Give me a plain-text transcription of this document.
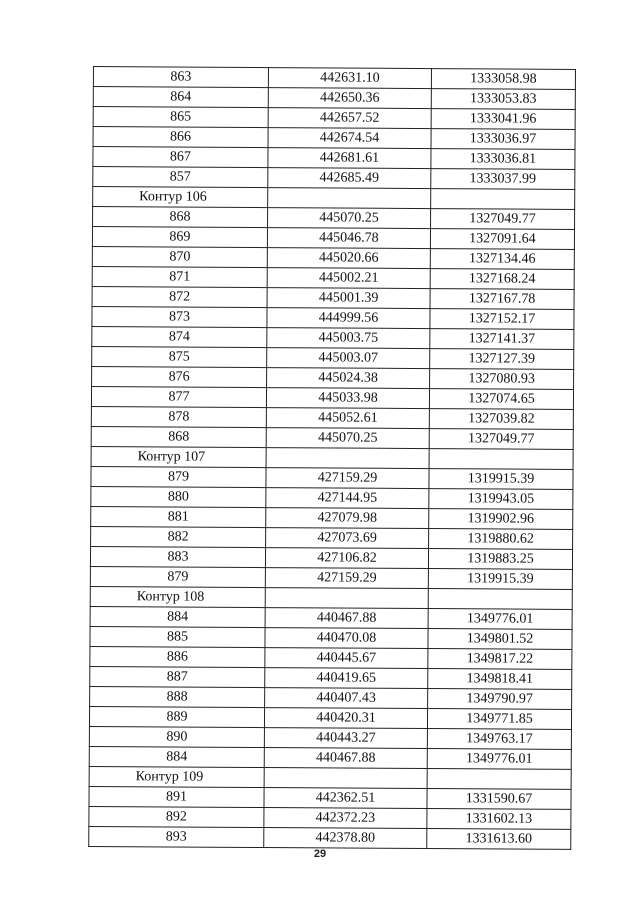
863	442631.10	1333058.98
864	442650.36	1333053.83
865	442657.52	1333041.96
866	442674.54	1333036.97
867	442681.61	1333036.81
857	442685.49	1333037.99
Контур 106		
868	445070.25	1327049.77
869	445046.78	1327091.64
870	445020.66	1327134.46
871	445002.21	1327168.24
872	445001.39	1327167.78
873	444999.56	1327152.17
874	445003.75	1327141.37
875	445003.07	1327127.39
876	445024.38	1327080.93
877	445033.98	1327074.65
878	445052.61	1327039.82
868	445070.25	1327049.77
Контур 107		
879	427159.29	1319915.39
880	427144.95	1319943.05
881	427079.98	1319902.96
882	427073.69	1319880.62
883	427106.82	1319883.25
879	427159.29	1319915.39
Контур 108		
884	440467.88	1349776.01
885	440470.08	1349801.52
886	440445.67	1349817.22
887	440419.65	1349818.41
888	440407.43	1349790.97
889	440420.31	1349771.85
890	440443.27	1349763.17
884	440467.88	1349776.01
Контур 109		
891	442362.51	1331590.67
892	442372.23	1331602.13
893	442378.80	1331613.60
29
